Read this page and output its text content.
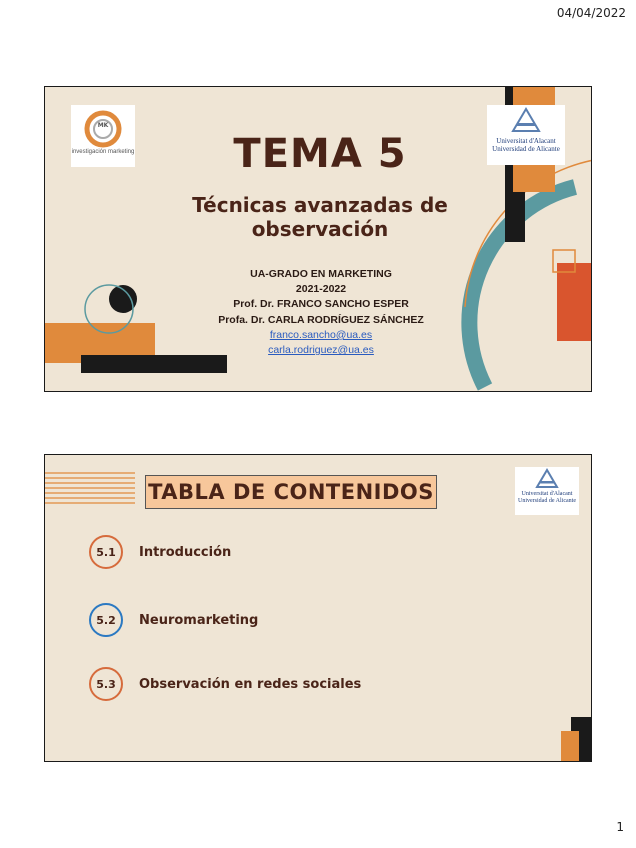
04/04/2022
MK
investigación marketing
Universitat d'Alacant
Universidad de Alicante
TEMA 5
Técnicas avanzadas de observación
UA-GRADO EN MARKETING
2021-2022
Prof. Dr. FRANCO SANCHO ESPER
Profa. Dr. CARLA RODRÍGUEZ SÁNCHEZ
franco.sancho@ua.es
carla.rodriguez@ua.es
TABLA DE CONTENIDOS	Universitat d'Alacant
Universidad de Alicante
5.1	Introducción
5.2	Neuromarketing
5.3	Observación en redes sociales
1
